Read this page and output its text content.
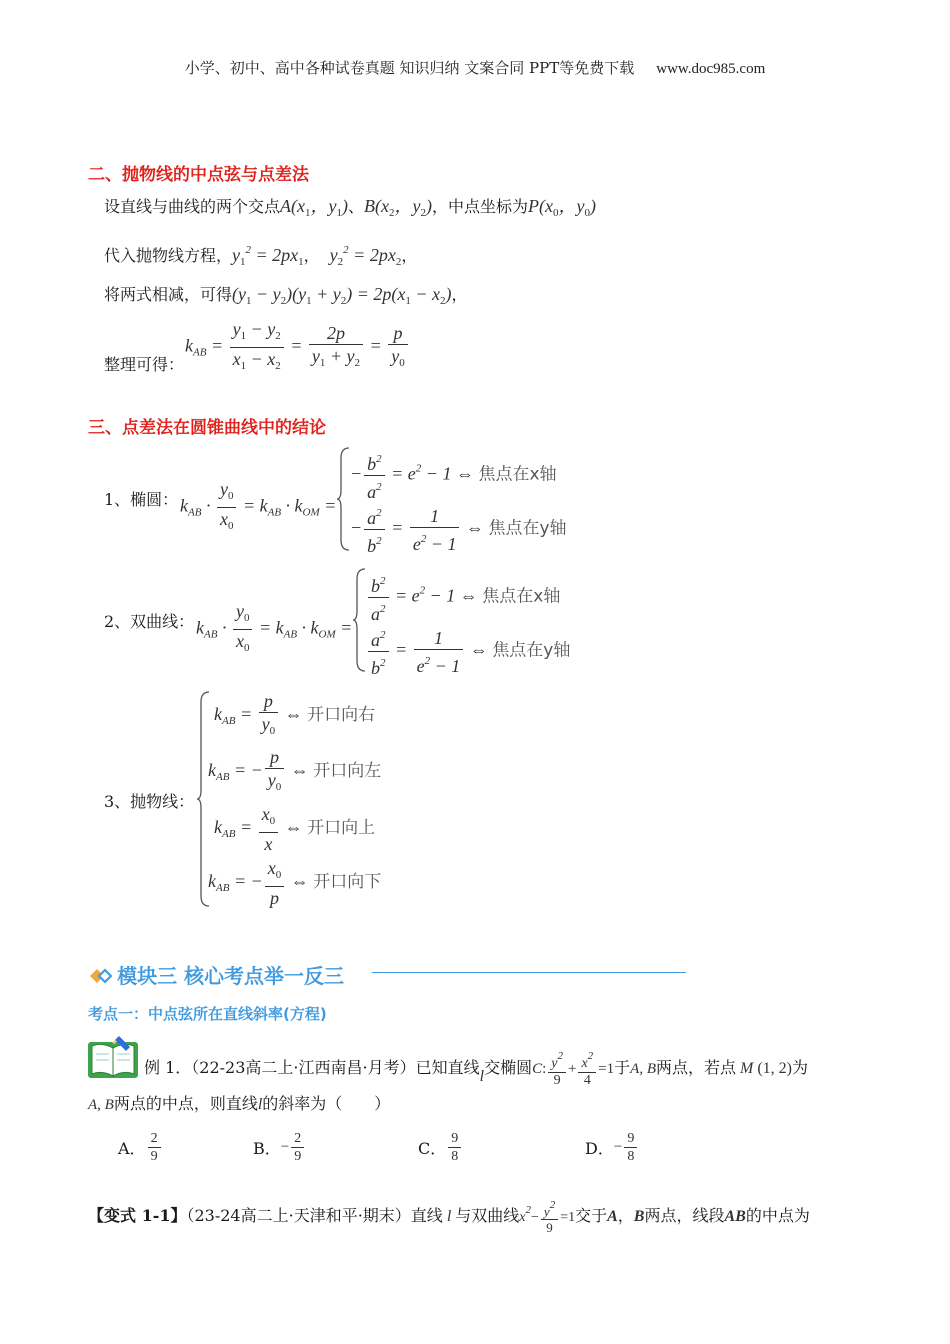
小学、初中、高中各种试卷真题 知识归纳 文案合同 PPT等免费下载 www.doc985.com
二、抛物线的中点弦与点差法
设直线与曲线的两个交点$A(x_1$，$y_1$)、$B(x_2$，$y_2$)，中点坐标为$P(x_0$，$y_0$)
代入抛物线方程，$y_1^2 = 2px_1$， $y_2^2 = 2px_2$，
将两式相减，可得$(y_1 - y_2)(y_1 + y_2) = 2p(x_1 - x_2)$，
整理可得：
$k_{AB} = \frac{y_1 - y_2}{x_1 - x_2} = \frac{2p}{y_1 + y_2} = \frac{p}{y_0}$
三、点差法在圆锥曲线中的结论
1、椭圆： $k_{AB} \cdot \frac{y_0}{x_0} = k_{AB} \cdot k_{OM}$ =
− $\frac{b^2}{a^2} = e^2 - 1$ ⇔ 焦点在x轴
− $\frac{a^2}{b^2} = \frac{1}{e^2 - 1}$ ⇔ 焦点在y轴
2、双曲线： $k_{AB} \cdot \frac{y_0}{x_0} = k_{AB} \cdot k_{OM}$ =
$\frac{b^2}{a^2} = e^2 - 1$ ⇔ 焦点在x轴
$\frac{a^2}{b^2} = \frac{1}{e^2 - 1}$ ⇔ 焦点在y轴
3、抛物线：
$k_{AB} = \frac{p}{y_0}$ ⇔ 开口向右
$k_{AB}$ = − $\frac{p}{y_0}$ ⇔ 开口向左
$k_{AB} = \frac{x_0}{x}$ ⇔ 开口向上
$k_{AB}$ = − $\frac{x_0}{p}$ ⇔ 开口向下
模块三 核心考点举一反三
考点一：中点弦所在直线斜率(方程)
例 1．（22-23高二上·江西南昌·月考）已知直线l交椭圆C: $\frac{y^2}{9} + \frac{x^2}{4} =1$于A, B两点，若点 M (1, 2)为
A, B两点的中点，则直线l的斜率为（　　）
A． $\frac{2}{9}$	B．− $\frac{2}{9}$	C． $\frac{9}{8}$	D．− $\frac{9}{8}$
【变式 1-1】（23-24高二上·天津和平·期末）直线 l 与双曲线$x^2- \frac{y^2}{9} =1$交于A，B两点，线段AB的中点为
